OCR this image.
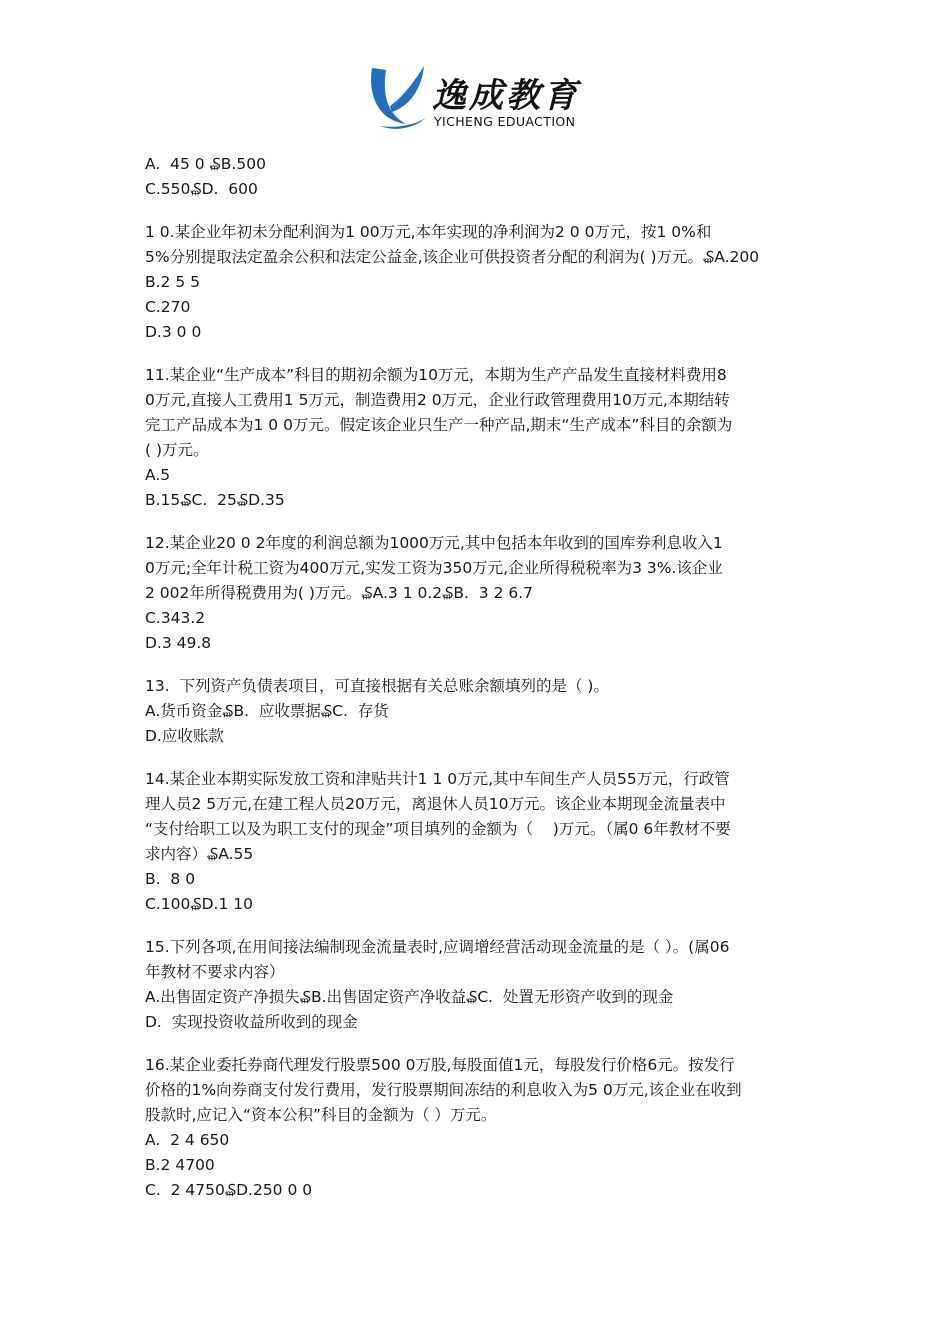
逸成教育
YICHENG EDUACTION
A.  45 0 ₷B.500
C.550₷D.  600
1 0.某企业年初未分配利润为1 00万元,本年实现的净利润为2 0 0万元，按1 0%和
5%分别提取法定盈余公积和法定公益金,该企业可供投资者分配的利润为( )万元。₷A.200
B.2 5 5
C.270
D.3 0 0
11.某企业“生产成本”科目的期初余额为10万元，本期为生产产品发生直接材料费用8
0万元,直接人工费用1 5万元，制造费用2 0万元，企业行政管理费用10万元,本期结转
完工产品成本为1 0 0万元。假定该企业只生产一种产品,期末“生产成本”科目的余额为
( )万元。
A.5
B.15₷C.  25₷D.35
12.某企业20 0 2年度的利润总额为1000万元,其中包括本年收到的国库券利息收入1
0万元;全年计税工资为400万元,实发工资为350万元,企业所得税税率为3 3%.该企业
2 002年所得税费用为( )万元。₷A.3 1 0.2₷B.  3 2 6.7
C.343.2
D.3 49.8
13.  下列资产负债表项目，可直接根据有关总账余额填列的是（ )。
A.货币资金₷B.  应收票据₷C.  存货
D.应收账款
14.某企业本期实际发放工资和津贴共计1 1 0万元,其中车间生产人员55万元，行政管
理人员2 5万元,在建工程人员20万元，离退休人员10万元。该企业本期现金流量表中
“支付给职工以及为职工支付的现金”项目填列的金额为（    )万元。（属0 6年教材不要
求内容）₷A.55
B.  8 0
C.100₷D.1 10
15.下列各项,在用间接法编制现金流量表时,应调增经营活动现金流量的是（ ）。(属06
年教材不要求内容）
A.出售固定资产净损失₷B.出售固定资产净收益₷C.  处置无形资产收到的现金
D.  实现投资收益所收到的现金
16.某企业委托券商代理发行股票500 0万股,每股面值1元，每股发行价格6元。按发行
价格的1%向券商支付发行费用，发行股票期间冻结的利息收入为5 0万元,该企业在收到
股款时,应记入“资本公积”科目的金额为（ ）万元。
A.  2 4 650
B.2 4700
C.  2 4750₷D.250 0 0
